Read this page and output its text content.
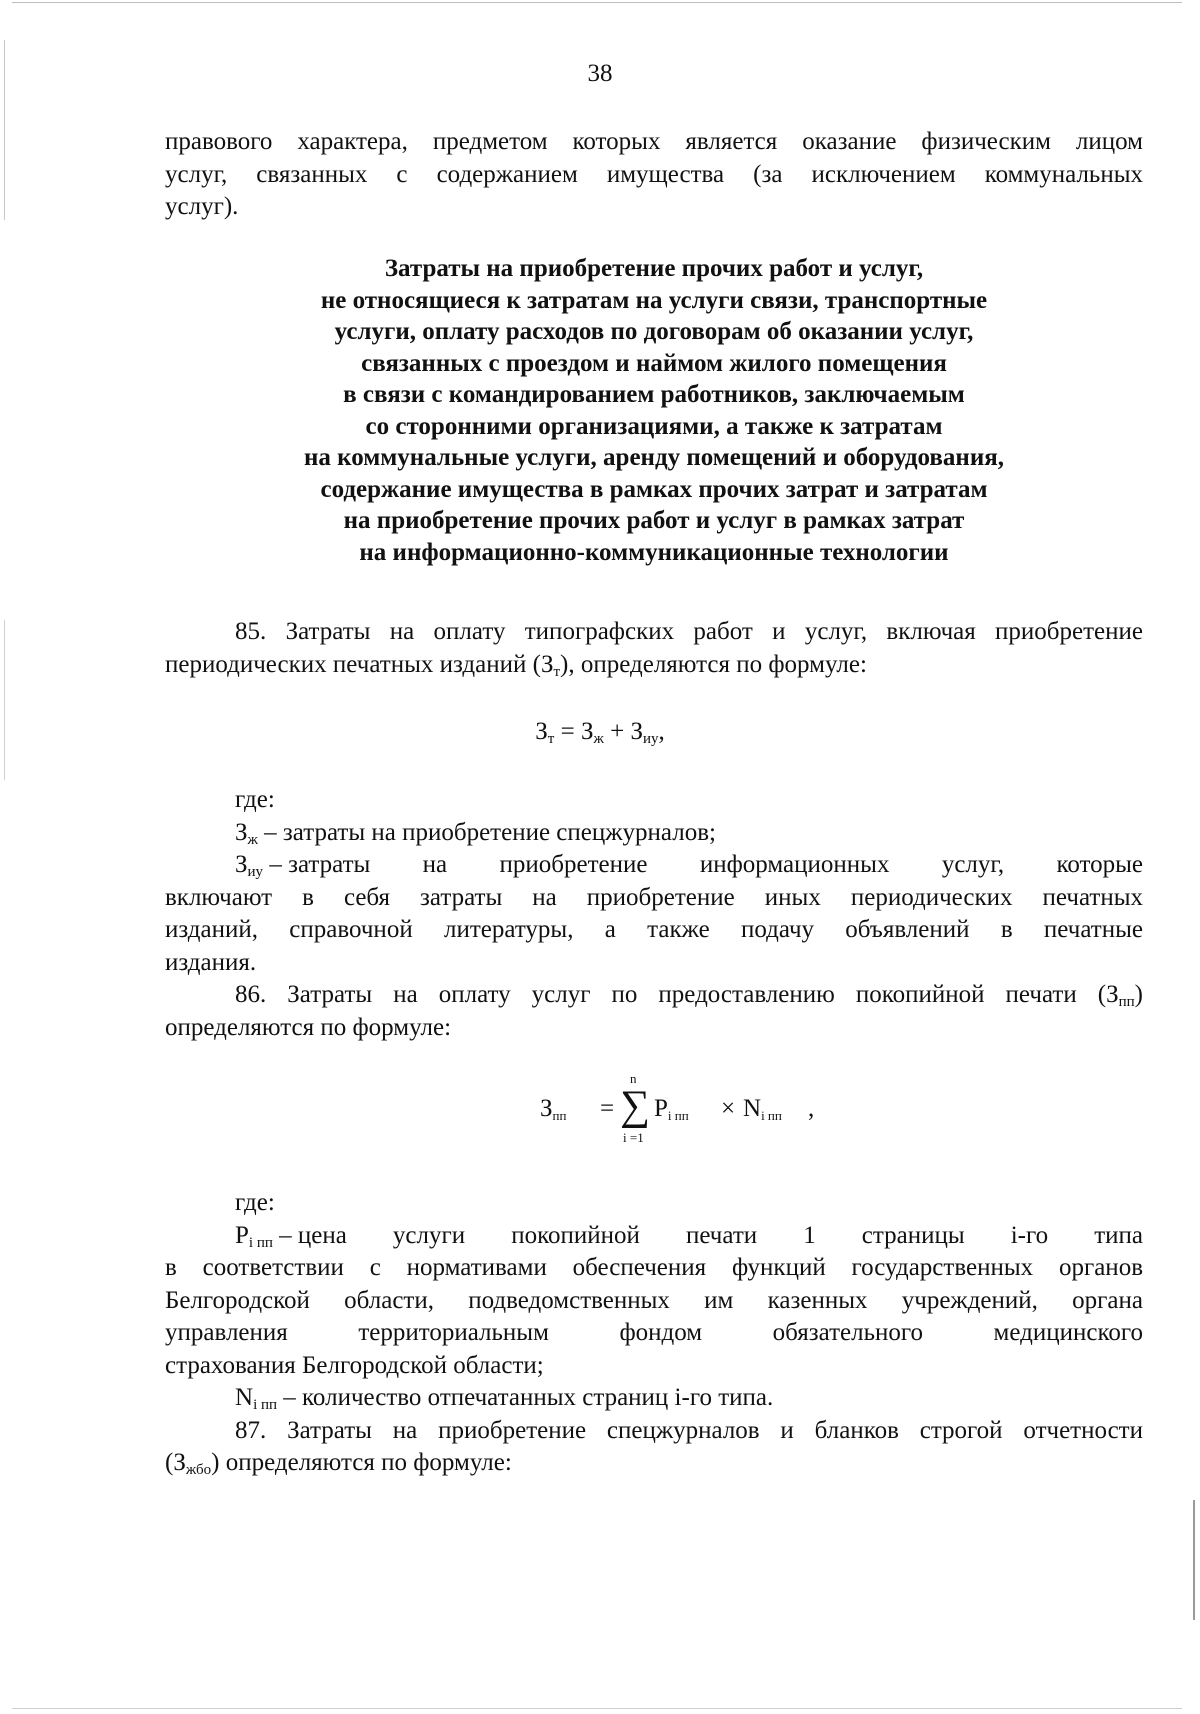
38

правового характера, предметом которых является оказание физическим лицом

услуг, связанных с содержанием имущества (за исключением коммунальных

услуг).

Затраты на приобретение прочих работ и услуг,
не относящиеся к затратам на услуги связи, транспортные
услуги, оплату расходов по договорам об оказании услуг,
связанных с проездом и наймом жилого помещения
в связи с командированием работников, заключаемым
со сторонними организациями, а также к затратам
на коммунальные услуги, аренду помещений и оборудования,
содержание имущества в рамках прочих затрат и затратам
на приобретение прочих работ и услуг в рамках затрат
на информационно-коммуникационные технологии

85. Затраты на оплату типографских работ и услуг, включая приобретение

периодических печатных изданий $(З_т)$, определяются по формуле:

$З_т = З_ж + З_{иу}$,

где:

$З_ж$ – затраты на приобретение спецжурналов;

$З_{иу}$ – затраты на приобретение информационных услуг, которые

включают в себя затраты на приобретение иных периодических печатных

изданий, справочной литературы, а также подачу объявлений в печатные

издания.

86. Затраты на оплату услуг по предоставлению покопийной печати $(З_{пп})$

определяются по формуле:

Зпп =
n
∑
i =1
Pi пп × Ni пп ,

где:

$P_{i пп}$ – цена услуги покопийной печати 1 страницы i-го типа

в соответствии с нормативами обеспечения функций государственных органов

Белгородской области, подведомственных им казенных учреждений, органа

управления	территориальным	фондом	обязательного	медицинского

страхования Белгородской области;

$N_{i пп}$ – количество отпечатанных страниц i-го типа.

87. Затраты на приобретение спецжурналов и бланков строгой отчетности

$(З_{жбо})$ определяются по формуле:
